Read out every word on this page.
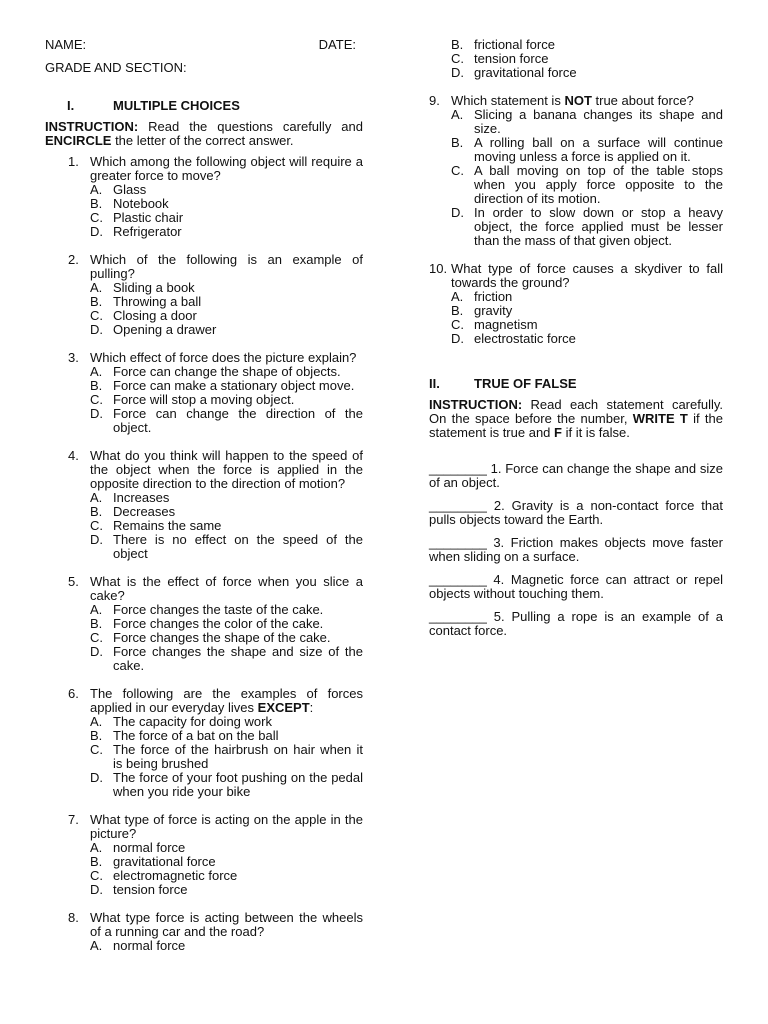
NAME:	DATE:
GRADE AND SECTION:
I.	MULTIPLE CHOICES
INSTRUCTION: Read the questions carefully and ENCIRCLE the letter of the correct answer.
1. Which among the following object will require a greater force to move?
A. Glass
B. Notebook
C. Plastic chair
D. Refrigerator
2. Which of the following is an example of pulling?
A. Sliding a book
B. Throwing a ball
C. Closing a door
D. Opening a drawer
3. Which effect of force does the picture explain?
A. Force can change the shape of objects.
B. Force can make a stationary object move.
C. Force will stop a moving object.
D. Force can change the direction of the object.
4. What do you think will happen to the speed of the object when the force is applied in the opposite direction to the direction of motion?
A. Increases
B. Decreases
C. Remains the same
D. There is no effect on the speed of the object
5. What is the effect of force when you slice a cake?
A. Force changes the taste of the cake.
B. Force changes the color of the cake.
C. Force changes the shape of the cake.
D. Force changes the shape and size of the cake.
6. The following are the examples of forces applied in our everyday lives EXCEPT:
A. The capacity for doing work
B. The force of a bat on the ball
C. The force of the hairbrush on hair when it is being brushed
D. The force of your foot pushing on the pedal when you ride your bike
7. What type of force is acting on the apple in the picture?
A. normal force
B. gravitational force
C. electromagnetic force
D. tension force
8. What type force is acting between the wheels of a running car and the road?
A. normal force
B. frictional force
C. tension force
D. gravitational force
9. Which statement is NOT true about force?
A. Slicing a banana changes its shape and size.
B. A rolling ball on a surface will continue moving unless a force is applied on it.
C. A ball moving on top of the table stops when you apply force opposite to the direction of its motion.
D. In order to slow down or stop a heavy object, the force applied must be lesser than the mass of that given object.
10. What type of force causes a skydiver to fall towards the ground?
A. friction
B. gravity
C. magnetism
D. electrostatic force
II.	TRUE OF FALSE
INSTRUCTION: Read each statement carefully. On the space before the number, WRITE T if the statement is true and F if it is false.
________ 1. Force can change the shape and size of an object.
________ 2. Gravity is a non-contact force that pulls objects toward the Earth.
________ 3. Friction makes objects move faster when sliding on a surface.
________ 4. Magnetic force can attract or repel objects without touching them.
________ 5. Pulling a rope is an example of a contact force.
